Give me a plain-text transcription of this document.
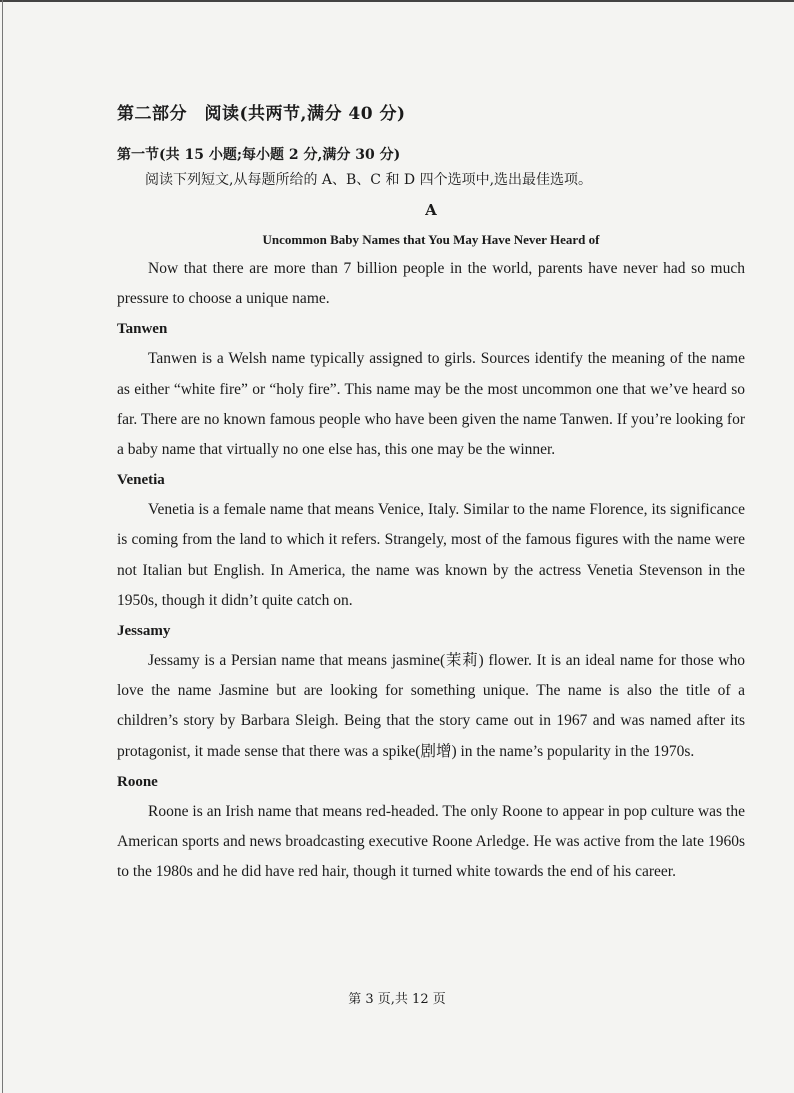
第二部分　阅读(共两节,满分 40 分)
第一节(共 15 小题;每小题 2 分,满分 30 分)

阅读下列短文,从每题所给的 A、B、C 和 D 四个选项中,选出最佳选项。

A
Uncommon Baby Names that You May Have Never Heard of

Now that there are more than 7 billion people in the world, parents have never had so much pressure to choose a unique name.

Tanwen

Tanwen is a Welsh name typically assigned to girls. Sources identify the meaning of the name as either “white fire” or “holy fire”. This name may be the most uncommon one that we’ve heard so far. There are no known famous people who have been given the name Tanwen. If you’re looking for a baby name that virtually no one else has, this one may be the winner.

Venetia

Venetia is a female name that means Venice, Italy. Similar to the name Florence, its significance is coming from the land to which it refers. Strangely, most of the famous figures with the name were not Italian but English. In America, the name was known by the actress Venetia Stevenson in the 1950s, though it didn’t quite catch on.

Jessamy

Jessamy is a Persian name that means jasmine(茉莉) flower. It is an ideal name for those who love the name Jasmine but are looking for something unique. The name is also the title of a children’s story by Barbara Sleigh. Being that the story came out in 1967 and was named after its protagonist, it made sense that there was a spike(剧增) in the name’s popularity in the 1970s.

Roone

Roone is an Irish name that means red-headed. The only Roone to appear in pop culture was the American sports and news broadcasting executive Roone Arledge. He was active from the late 1960s to the 1980s and he did have red hair, though it turned white towards the end of his career.

第 3 页,共 12 页
